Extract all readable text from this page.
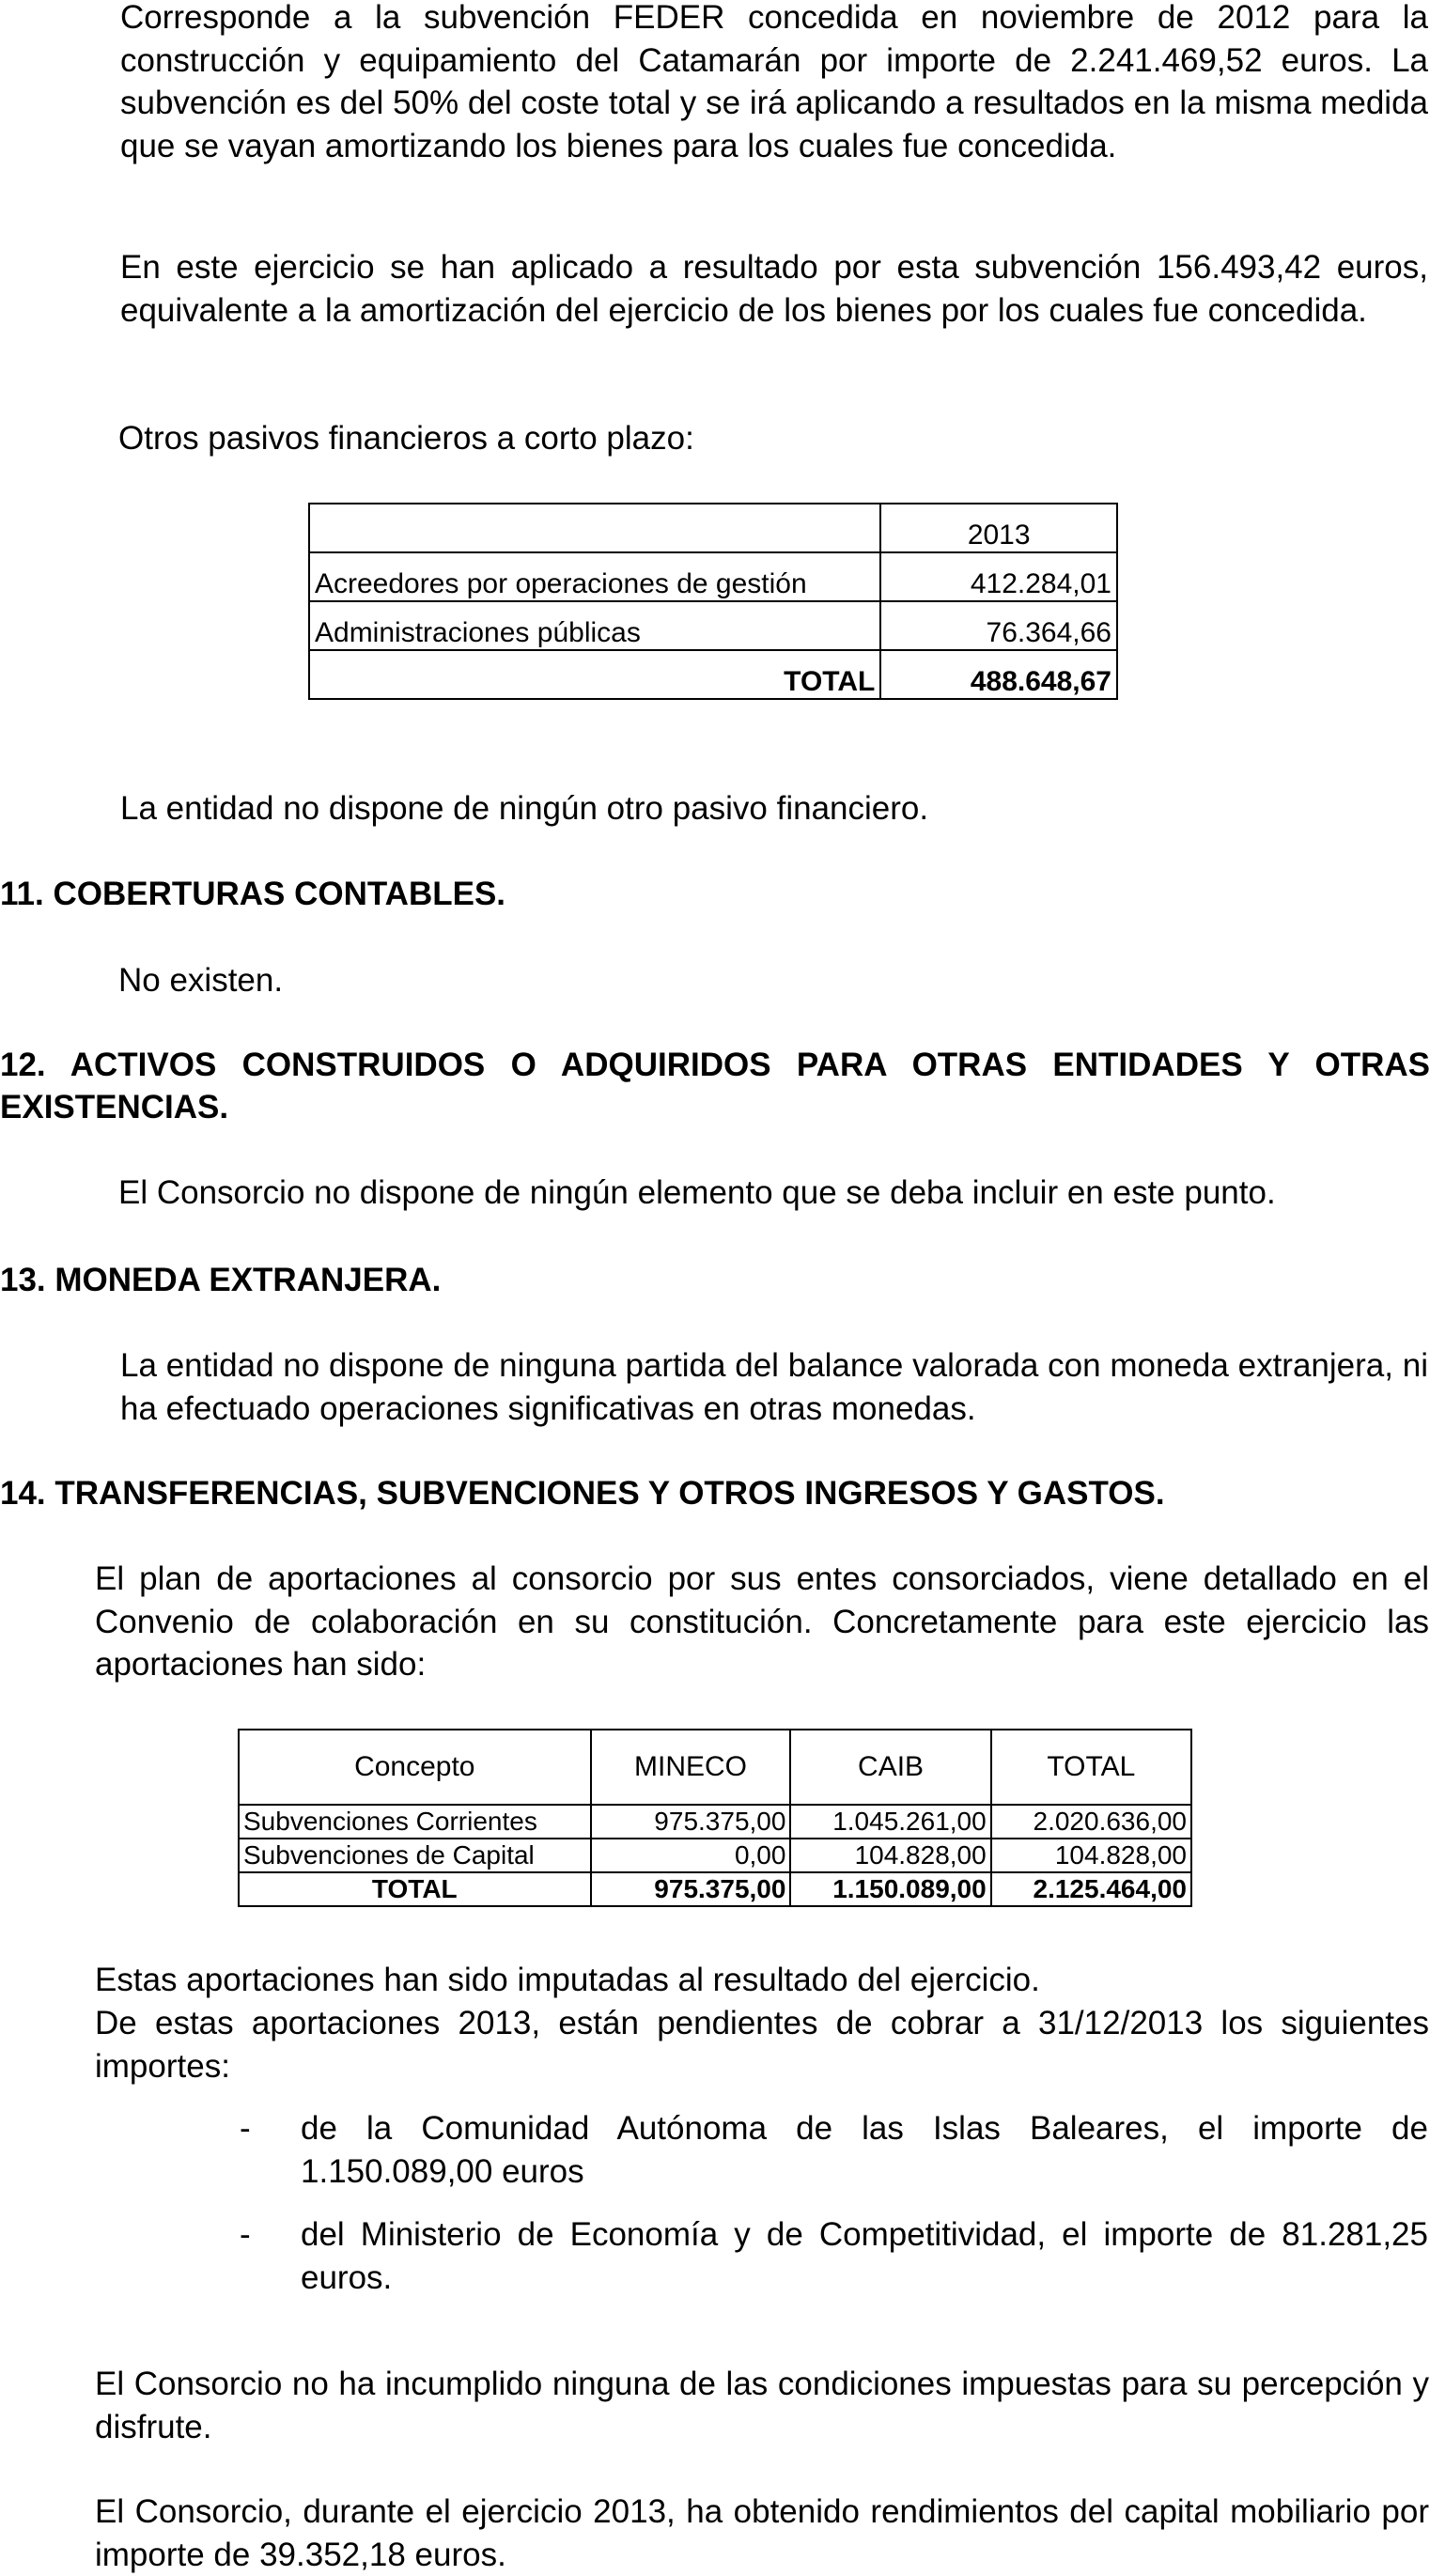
Corresponde a la subvención FEDER concedida en noviembre de 2012 para la construcción y equipamiento del Catamarán por importe de 2.241.469,52 euros. La subvención es del 50% del coste total y se irá aplicando a resultados en la misma medida que se vayan amortizando los bienes para los cuales fue concedida.

En este ejercicio se han aplicado a resultado por esta subvención 156.493,42 euros, equivalente a la amortización del ejercicio de los bienes por los cuales fue concedida.

Otros pasivos financieros a corto plazo:

	2013
Acreedores por operaciones de gestión	412.284,01
Administraciones públicas	76.364,66
TOTAL	488.648,67

La entidad no dispone de ningún otro pasivo financiero.

11. COBERTURAS CONTABLES.

No existen.

12. ACTIVOS CONSTRUIDOS O ADQUIRIDOS PARA OTRAS ENTIDADES Y OTRAS EXISTENCIAS.

El Consorcio no dispone de ningún elemento que se deba incluir en este punto.

13. MONEDA EXTRANJERA.

La entidad no dispone de ninguna partida del balance valorada con moneda extranjera, ni ha efectuado operaciones significativas en otras monedas.

14. TRANSFERENCIAS, SUBVENCIONES Y OTROS INGRESOS Y GASTOS.

El plan de aportaciones al consorcio por sus entes consorciados, viene detallado en el Convenio de colaboración en su constitución. Concretamente para este ejercicio las aportaciones han sido:

Concepto	MINECO	CAIB	TOTAL
Subvenciones Corrientes	975.375,00	1.045.261,00	2.020.636,00
Subvenciones de Capital	0,00	104.828,00	104.828,00
TOTAL	975.375,00	1.150.089,00	2.125.464,00

Estas aportaciones han sido imputadas al resultado del ejercicio.

De estas aportaciones 2013, están pendientes de cobrar a 31/12/2013 los siguientes importes:

- de la Comunidad Autónoma de las Islas Baleares, el importe de 1.150.089,00 euros

- del Ministerio de Economía y de Competitividad, el importe de 81.281,25 euros.

El Consorcio no ha incumplido ninguna de las condiciones impuestas para su percepción y disfrute.

El Consorcio, durante el ejercicio 2013, ha obtenido rendimientos del capital mobiliario por importe de 39.352,18 euros.
